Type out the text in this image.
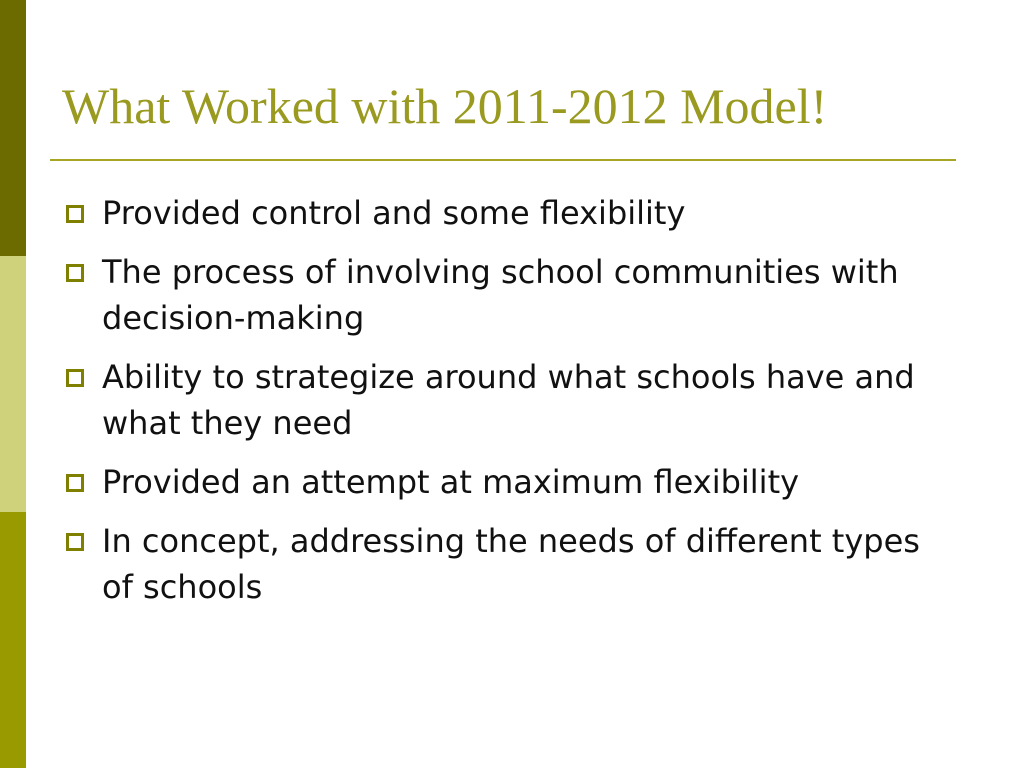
What Worked with 2011-2012 Model!
Provided control and some flexibility
The process of involving school communities with decision-making
Ability to strategize around what schools have and what they need
Provided an attempt at maximum flexibility
In concept, addressing the needs of different types of schools
